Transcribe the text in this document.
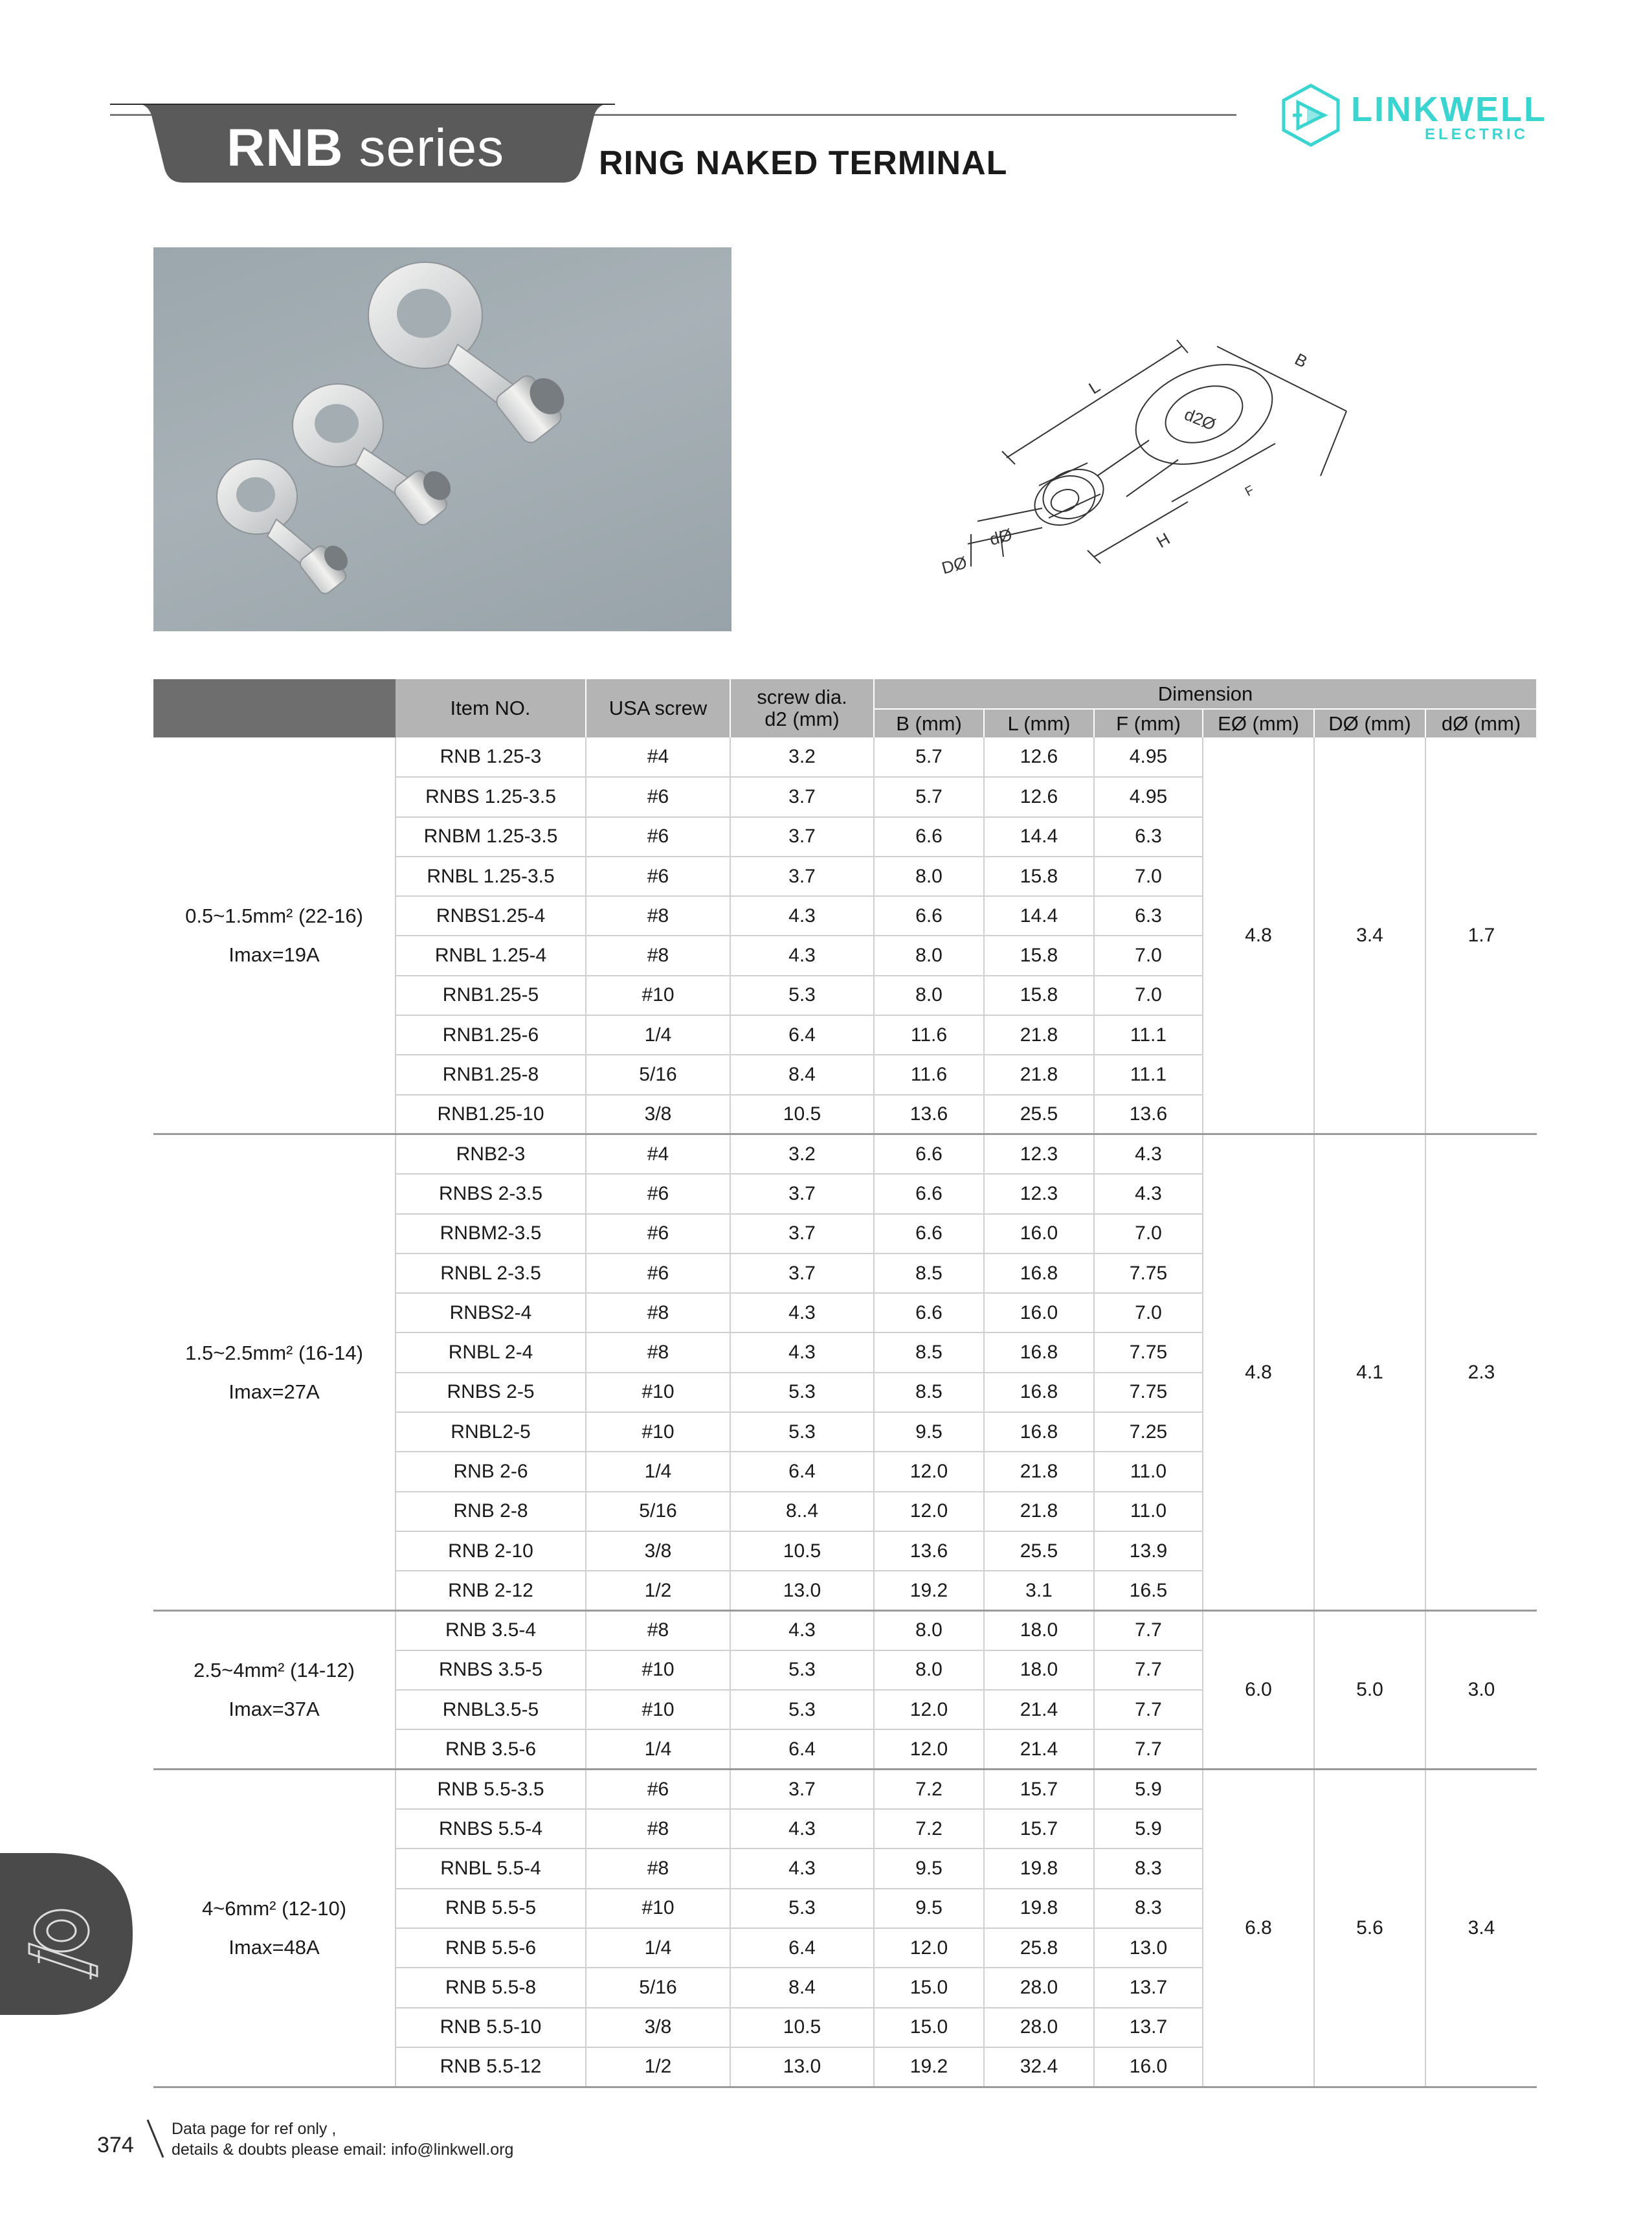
RNB series	RING NAKED TERMINAL
LINKWELL
ELECTRIC
d2Ø
L
B
F
H
dØ
DØ
	Item NO.	USA screw	screw dia.
d2 (mm)	Dimension					
				B (mm)	L (mm)	F (mm)	EØ (mm)	DØ (mm)	dØ (mm)

0.5~1.5mm² (22-16)
Imax=19A	RNB 1.25-3	#4	3.2	5.7	12.6	4.95	4.8	3.4	1.7
	RNBS 1.25-3.5	#6	3.7	5.7	12.6	4.95			
	RNBM 1.25-3.5	#6	3.7	6.6	14.4	6.3			
	RNBL 1.25-3.5	#6	3.7	8.0	15.8	7.0			
	RNBS1.25-4	#8	4.3	6.6	14.4	6.3			
	RNBL 1.25-4	#8	4.3	8.0	15.8	7.0			
	RNB1.25-5	#10	5.3	8.0	15.8	7.0			
	RNB1.25-6	1/4	6.4	11.6	21.8	11.1			
	RNB1.25-8	5/16	8.4	11.6	21.8	11.1			
	RNB1.25-10	3/8	10.5	13.6	25.5	13.6			

1.5~2.5mm² (16-14)
Imax=27A	RNB2-3	#4	3.2	6.6	12.3	4.3	4.8	4.1	2.3
	RNBS 2-3.5	#6	3.7	6.6	12.3	4.3			
	RNBM2-3.5	#6	3.7	6.6	16.0	7.0			
	RNBL 2-3.5	#6	3.7	8.5	16.8	7.75			
	RNBS2-4	#8	4.3	6.6	16.0	7.0			
	RNBL 2-4	#8	4.3	8.5	16.8	7.75			
	RNBS 2-5	#10	5.3	8.5	16.8	7.75			
	RNBL2-5	#10	5.3	9.5	16.8	7.25			
	RNB 2-6	1/4	6.4	12.0	21.8	11.0			
	RNB 2-8	5/16	8..4	12.0	21.8	11.0			
	RNB 2-10	3/8	10.5	13.6	25.5	13.9			
	RNB 2-12	1/2	13.0	19.2	3.1	16.5			

2.5~4mm² (14-12)
Imax=37A	RNB 3.5-4	#8	4.3	8.0	18.0	7.7	6.0	5.0	3.0
	RNBS 3.5-5	#10	5.3	8.0	18.0	7.7			
	RNBL3.5-5	#10	5.3	12.0	21.4	7.7			
	RNB 3.5-6	1/4	6.4	12.0	21.4	7.7			

4~6mm² (12-10)
Imax=48A	RNB 5.5-3.5	#6	3.7	7.2	15.7	5.9	6.8	5.6	3.4
	RNBS 5.5-4	#8	4.3	7.2	15.7	5.9			
	RNBL 5.5-4	#8	4.3	9.5	19.8	8.3			
	RNB 5.5-5	#10	5.3	9.5	19.8	8.3			
	RNB 5.5-6	1/4	6.4	12.0	25.8	13.0			
	RNB 5.5-8	5/16	8.4	15.0	28.0	13.7			
	RNB 5.5-10	3/8	10.5	15.0	28.0	13.7			
	RNB 5.5-12	1/2	13.0	19.2	32.4	16.0			
374
Data page for ref only ,
details & doubts please email: info@linkwell.org
